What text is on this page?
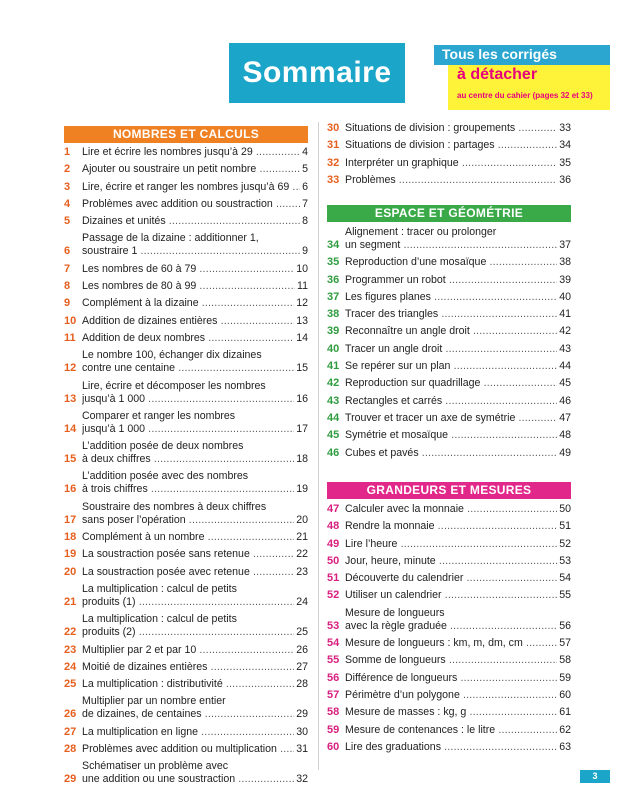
Sommaire
Tous les corrigés
à détacher
au centre du cahier (pages 32 et 33)
NOMBRES ET CALCULS
ESPACE ET GÉOMÉTRIE
GRANDEURS ET MESURES
1	Lire et écrire les nombres jusqu’à 29 .....	4
2	Ajouter ou soustraire un petit nombre .....	5
3	Lire, écrire et ranger les nombres jusqu’à 69 .....	6
4	Problèmes avec addition ou soustraction .....	7
5	Dizaines et unités .....	8
6
Passage de la dizaine : additionner 1,
soustraire 1 .....	9
7	Les nombres de 60 à 79 .....	10
8	Les nombres de 80 à 99 .....	11
9	Complément à la dizaine .....	12
10 Addition de dizaines entières .....	13
11 Addition de deux nombres .....	14
12
Le nombre 100, échanger dix dizaines
contre une centaine .....	15
13
Lire, écrire et décomposer les nombres
jusqu’à 1 000 .....	16
14
Comparer et ranger les nombres
jusqu’à 1 000 .....	17
15
L’addition posée de deux nombres
à deux chiffres .....	18
16
L’addition posée avec des nombres
à trois chiffres .....	19
17
Soustraire des nombres à deux chiffres
sans poser l’opération .....	20
18 Complément à un nombre .....	21
19 La soustraction posée sans retenue .....	22
20 La soustraction posée avec retenue .....	23
21
La multiplication : calcul de petits
produits (1) .....	24
22
La multiplication : calcul de petits
produits (2) .....	25
23 Multiplier par 2 et par 10 .....	26
24 Moitié de dizaines entières .....	27
25 La multiplication : distributivité .....	28
26
Multiplier par un nombre entier
de dizaines, de centaines .....	29
27 La multiplication en ligne .....	30
28 Problèmes avec addition ou multiplication .....	31
29
Schématiser un problème avec
une addition ou une soustraction .....	32
30 Situations de division : groupements .....	33
31 Situations de division : partages .....	34
32 Interpréter un graphique .....	35
33 Problèmes .....	36
34
Alignement : tracer ou prolonger
un segment .....	37
35 Reproduction d’une mosaïque .....	38
36 Programmer un robot .....	39
37 Les figures planes .....	40
38 Tracer des triangles .....	41
39 Reconnaître un angle droit .....	42
40 Tracer un angle droit .....	43
41 Se repérer sur un plan .....	44
42 Reproduction sur quadrillage .....	45
43 Rectangles et carrés .....	46
44 Trouver et tracer un axe de symétrie .....	47
45 Symétrie et mosaïque .....	48
46 Cubes et pavés .....	49
47 Calculer avec la monnaie .....	50
48 Rendre la monnaie .....	51
49 Lire l’heure .....	52
50 Jour, heure, minute .....	53
51 Découverte du calendrier .....	54
52 Utiliser un calendrier .....	55
53
Mesure de longueurs
avec la règle graduée .....	56
54 Mesure de longueurs : km, m, dm, cm .....	57
55 Somme de longueurs .....	58
56 Différence de longueurs .....	59
57 Périmètre d’un polygone .....	60
58 Mesure de masses : kg, g .....	61
59 Mesure de contenances : le litre .....	62
60 Lire des graduations .....	63
3
